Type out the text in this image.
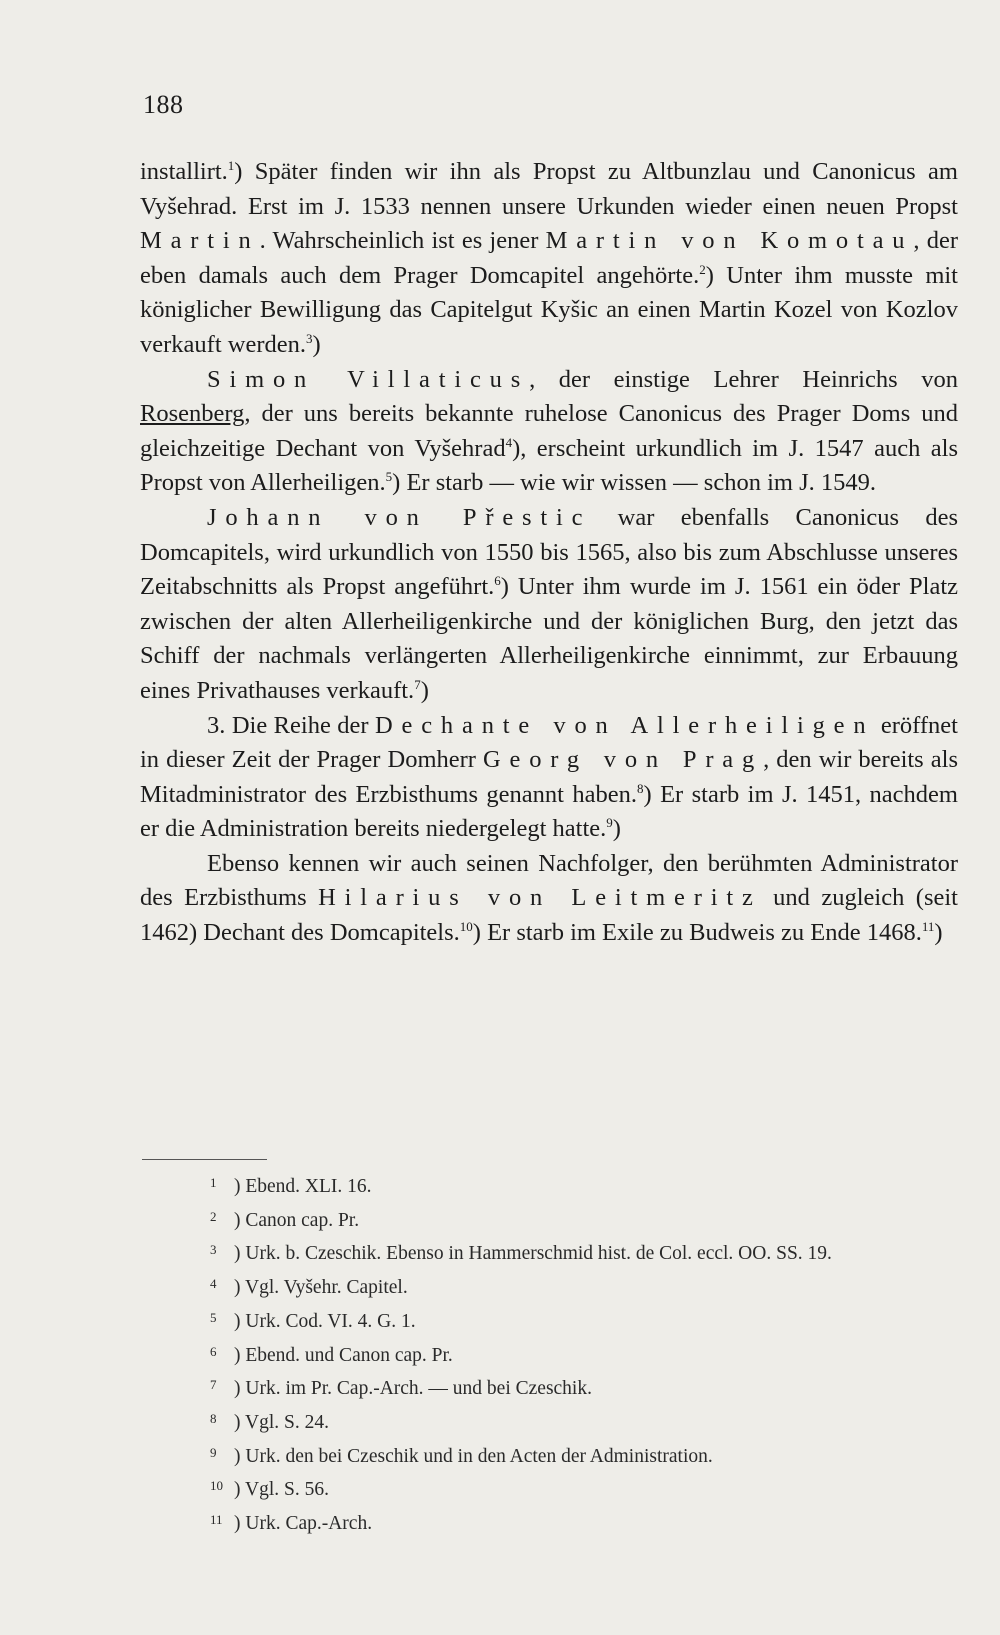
188

installirt.$^1$) Später finden wir ihn als Propst zu Altbunzlau und Canonicus am Vyšehrad. Erst im J. 1533 nennen unsere Urkunden wieder einen neuen Propst Martin. Wahrscheinlich ist es jener Martin von Komotau, der eben damals auch dem Prager Domcapitel angehörte.$^2$) Unter ihm musste mit königlicher Bewilligung das Capitelgut Kyšic an einen Martin Kozel von Kozlov verkauft werden.$^3$)

Simon Villaticus, der einstige Lehrer Heinrichs von Rosenberg, der uns bereits bekannte ruhelose Canonicus des Prager Doms und gleichzeitige Dechant von Vyšehrad$^4$), erscheint urkundlich im J. 1547 auch als Propst von Allerheiligen.$^5$) Er starb — wie wir wissen — schon im J. 1549.

Johann von Přestic war ebenfalls Canonicus des Domcapitels, wird urkundlich von 1550 bis 1565, also bis zum Abschlusse unseres Zeitabschnitts als Propst angeführt.$^6$) Unter ihm wurde im J. 1561 ein öder Platz zwischen der alten Allerheiligenkirche und der königlichen Burg, den jetzt das Schiff der nachmals verlängerten Allerheiligenkirche einnimmt, zur Erbauung eines Privathauses verkauft.$^7$)

3. Die Reihe der Dechante von Allerheiligen eröffnet in dieser Zeit der Prager Domherr Georg von Prag, den wir bereits als Mitadministrator des Erzbisthums genannt haben.$^8$) Er starb im J. 1451, nachdem er die Administration bereits niedergelegt hatte.$^9$)

Ebenso kennen wir auch seinen Nachfolger, den berühmten Administrator des Erzbisthums Hilarius von Leitmeritz und zugleich (seit 1462) Dechant des Domcapitels.$^{10}$) Er starb im Exile zu Budweis zu Ende 1468.11)

1 ) Ebend. XLI. 16.
2 ) Canon cap. Pr.
3 ) Urk. b. Czeschik. Ebenso in Hammerschmid hist. de Col. eccl. OO. SS. 19.
4 ) Vgl. Vyšehr. Capitel.
5 ) Urk. Cod. VI. 4. G. 1.
6 ) Ebend. und Canon cap. Pr.
7 ) Urk. im Pr. Cap.-Arch. — und bei Czeschik.
8 ) Vgl. S. 24.
9 ) Urk. den bei Czeschik und in den Acten der Administration.
10 ) Vgl. S. 56.
11 ) Urk. Cap.-Arch.
